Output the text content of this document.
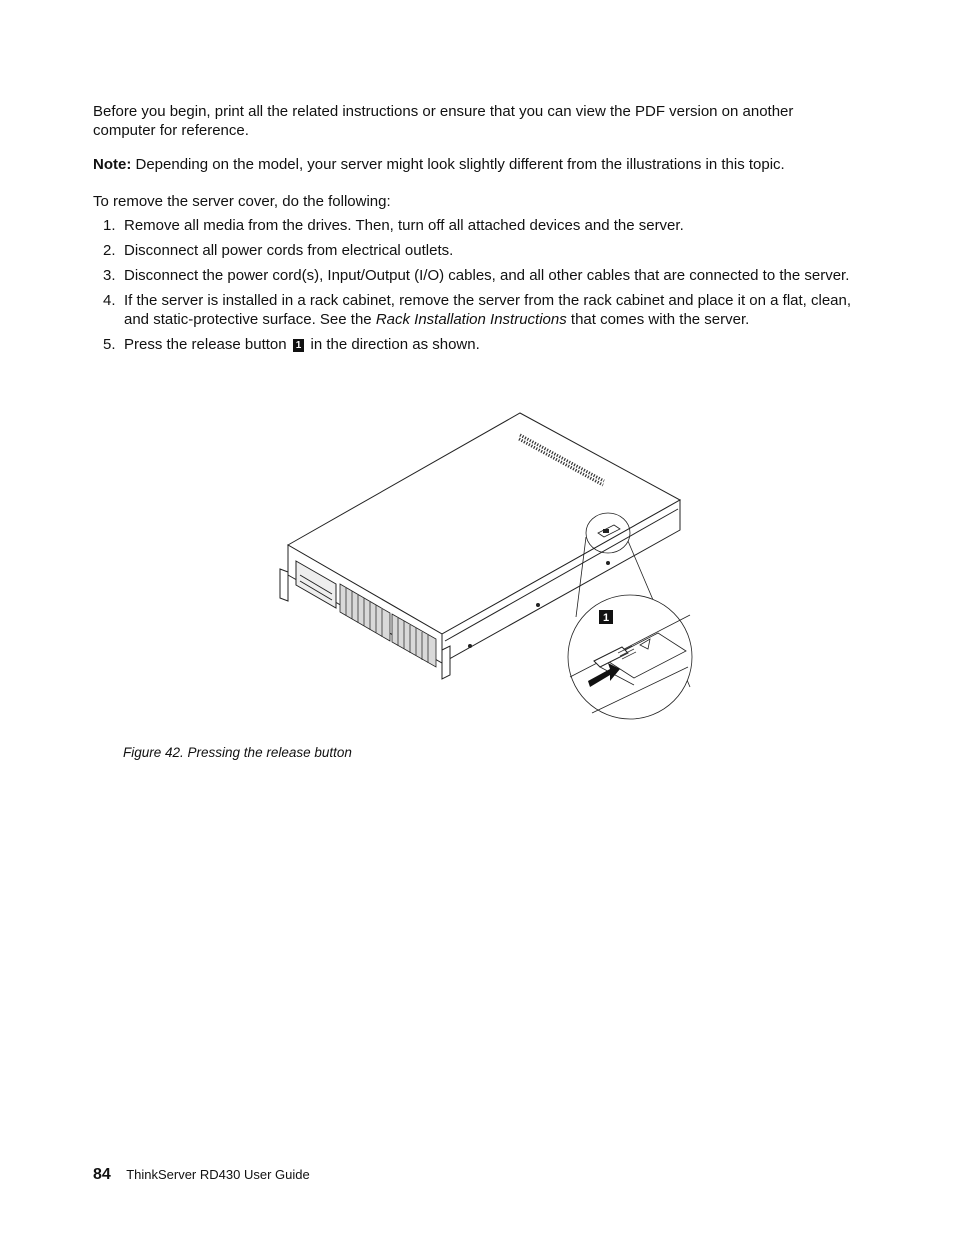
Before you begin, print all the related instructions or ensure that you can view the PDF version on another computer for reference.

Note: Depending on the model, your server might look slightly different from the illustrations in this topic.

To remove the server cover, do the following:

1. Remove all media from the drives. Then, turn off all attached devices and the server.
2. Disconnect all power cords from electrical outlets.
3. Disconnect the power cord(s), Input/Output (I/O) cables, and all other cables that are connected to the server.
4. If the server is installed in a rack cabinet, remove the server from the rack cabinet and place it on a flat, clean, and static-protective surface. See the Rack Installation Instructions that comes with the server.
5. Press the release button 1 in the direction as shown.
1
Figure 42. Pressing the release button
84 ThinkServer RD430 User Guide
